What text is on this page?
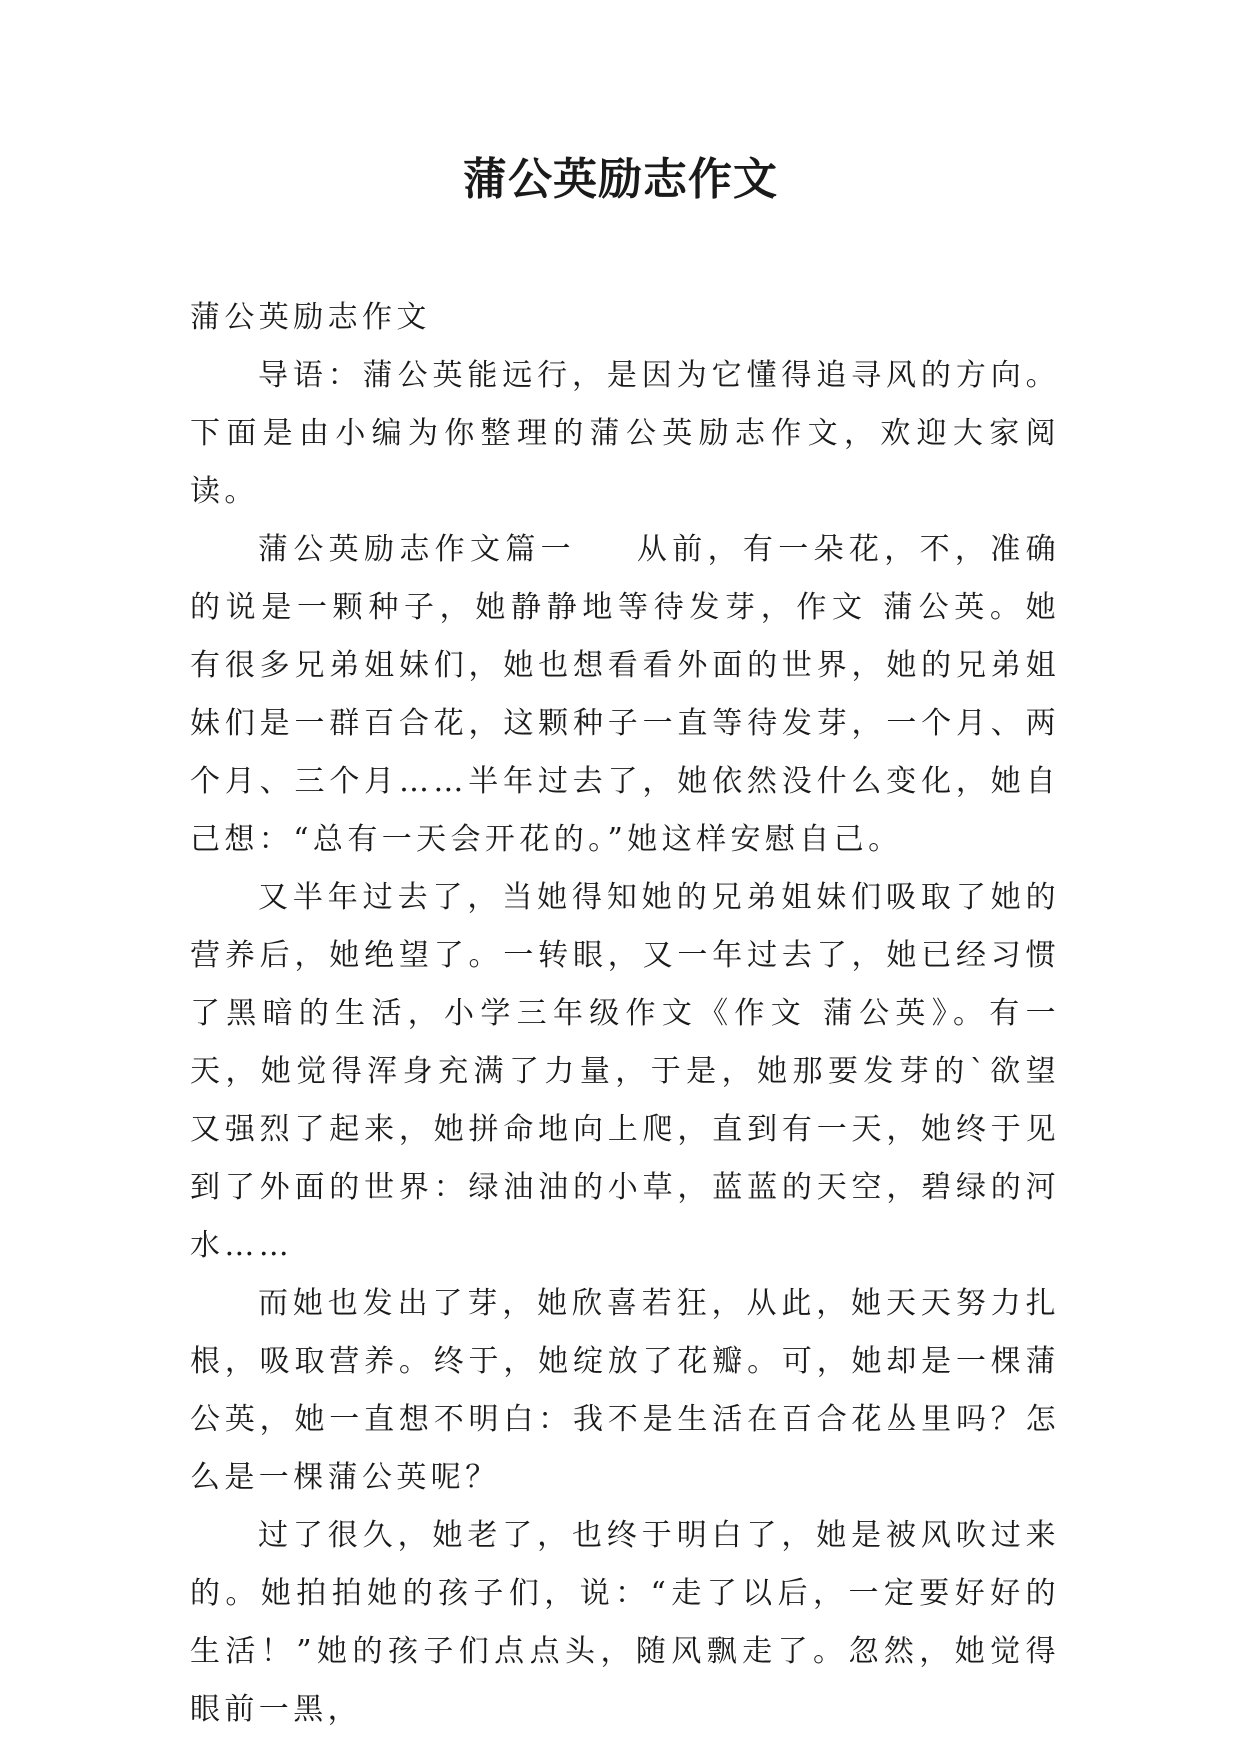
蒲公英励志作文

蒲公英励志作文

导语：蒲公英能远行，是因为它懂得追寻风的方向。下面是由小编为你整理的蒲公英励志作文，欢迎大家阅读。

蒲公英励志作文篇一 从前，有一朵花，不，准确的说是一颗种子，她静静地等待发芽，作文 蒲公英。她有很多兄弟姐妹们，她也想看看外面的世界，她的兄弟姐妹们是一群百合花，这颗种子一直等待发芽，一个月、两个月、三个月……半年过去了，她依然没什么变化，她自己想：“总有一天会开花的。”她这样安慰自己。

又半年过去了，当她得知她的兄弟姐妹们吸取了她的营养后，她绝望了。一转眼，又一年过去了，她已经习惯了黑暗的生活，小学三年级作文《作文 蒲公英》。有一天，她觉得浑身充满了力量，于是，她那要发芽的`欲望又强烈了起来，她拼命地向上爬，直到有一天，她终于见到了外面的世界：绿油油的小草，蓝蓝的天空，碧绿的河水……

而她也发出了芽，她欣喜若狂，从此，她天天努力扎根，吸取营养。终于，她绽放了花瓣。可，她却是一棵蒲公英，她一直想不明白：我不是生活在百合花丛里吗？怎么是一棵蒲公英呢？

过了很久，她老了，也终于明白了，她是被风吹过来的。她拍拍她的孩子们，说：“走了以后，一定要好好的生活！”她的孩子们点点头，随风飘走了。忽然，她觉得眼前一黑，
